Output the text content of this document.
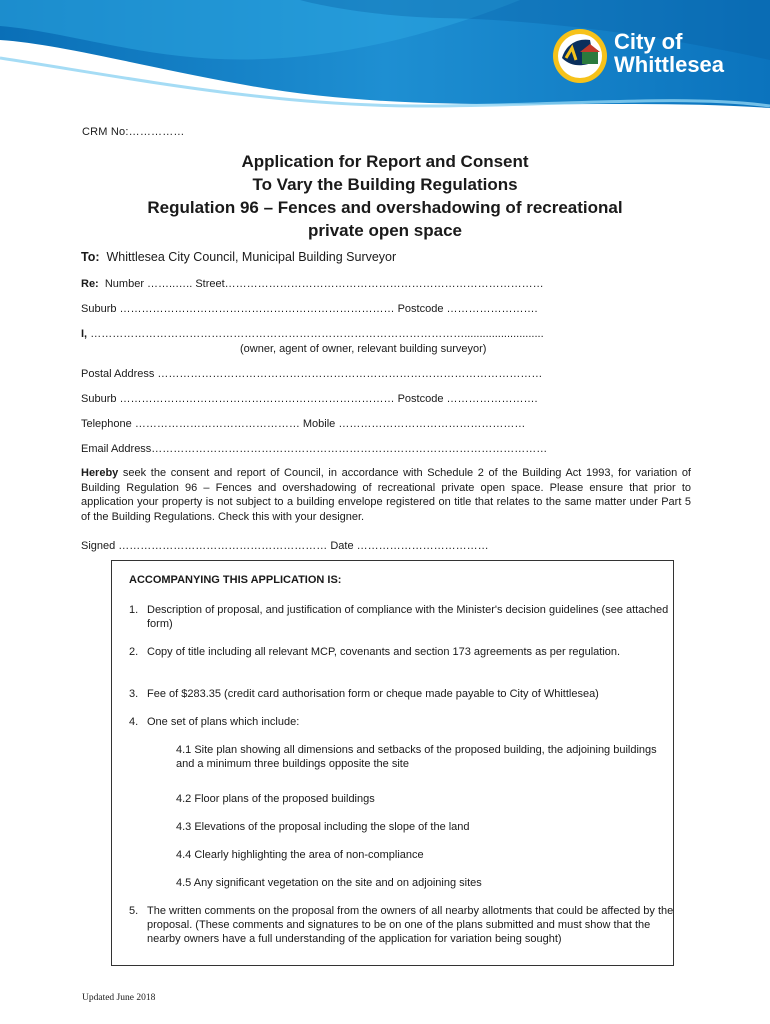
City of
Whittlesea
CRM No:……………
Application for Report and Consent
To Vary the Building Regulations
Regulation 96 – Fences and overshadowing of recreational
private open space
To: Whittlesea City Council, Municipal Building Surveyor
Re: Number ……..….. Street……………………………………………………………………………
Suburb ………………………………………………………………… Postcode …………………….
I, …………………………………………………………………………………………..........................
(owner, agent of owner, relevant building surveyor)
Postal Address ……………………………………………………………………………………………
Suburb ………………………………………………………………… Postcode …………………….
Telephone ……………………………………… Mobile ……………………………………………
Email Address………………………………………………………………………………………………
Hereby seek the consent and report of Council, in accordance with Schedule 2 of the Building Act 1993, for variation of Building Regulation 96 – Fences and overshadowing of recreational private open space. Please ensure that prior to application your property is not subject to a building envelope registered on title that relates to the same matter under Part 5 of the Building Regulations. Check this with your designer.
Signed ………………………………………………… Date ………………………………
ACCOMPANYING THIS APPLICATION IS:
1. Description of proposal, and justification of compliance with the Minister's decision guidelines (see attached form)
2. Copy of title including all relevant MCP, covenants and section 173 agreements as per regulation.
3. Fee of $283.35 (credit card authorisation form or cheque made payable to City of Whittlesea)
4. One set of plans which include:
4.1 Site plan showing all dimensions and setbacks of the proposed building, the adjoining buildings and a minimum three buildings opposite the site
4.2 Floor plans of the proposed buildings
4.3 Elevations of the proposal including the slope of the land
4.4 Clearly highlighting the area of non-compliance
4.5 Any significant vegetation on the site and on adjoining sites
5. The written comments on the proposal from the owners of all nearby allotments that could be affected by the proposal. (These comments and signatures to be on one of the plans submitted and must show that the nearby owners have a full understanding of the application for variation being sought)
Updated June 2018
